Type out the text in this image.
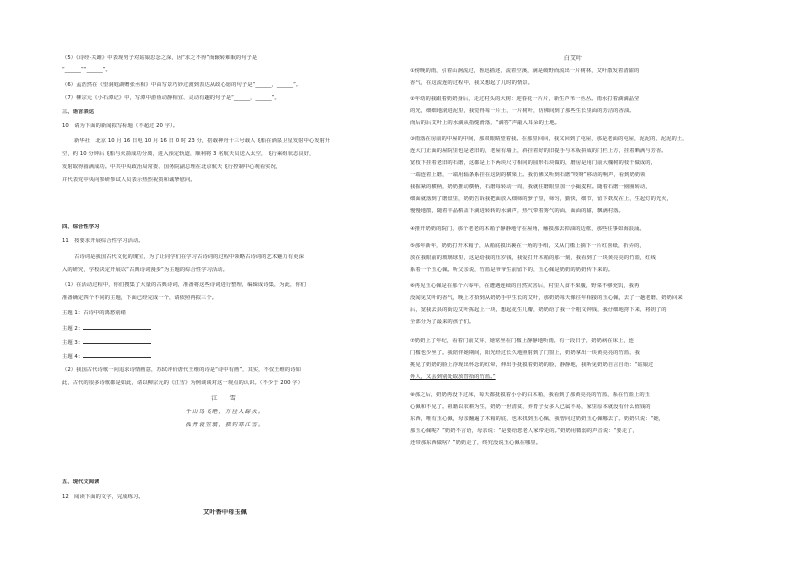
（5）《诗经·关雎》中表现男子对姑娘思念之深，因“求之不得”而辗转难眠的句子是
“______”“______”。
（6）孟浩然在《望洞庭湖赠张丞相》中由写景巧妙过渡到表达从政心愿的句子是“______，______”。
（7）柳宗元《小石潭记》中，写潭中游鱼动静相宜、灵动有趣的句子是“______，______”。
三、语言表达
10　请为下面的新闻拟写标题（不超过 20 字）。
新华社　北京 10 月 16 日电 10 月 16 日 0 时 23 分，搭载神舟十三号载人飞船在酒泉卫星发射中心发射升
空，约 10 分钟后飞船与火箭成功分离，进入预定轨道，顺利将 3 名航天员送入太空，飞行乘组状态良好，
发射取得圆满成功。中共中央政治局常委、国务院副总理在北京航天飞行控制中心观看实况，
并代表党中央向参研参试人员表示热烈祝贺和诚挚慰问。
四、综合性学习
11　按要求开展综合性学习活动。
古诗词是我国古代文化的瑰宝，为了让同学们在学习古诗词的过程中领略古诗词的艺术魅力有更深
入的研究，学校决定开展以“古典诗词漫步”为主题的综合性学习活动。
（1）在活动过程中，你们搜集了大量的古典诗词，准备将这些诗词进行整理，编辑成诗集，为此，你们
准备确定四个不同的主题，下面已经完成一个，请依照再拟三个。
主题 1：古诗中的离愁别绪
主题 2：
主题 3：
主题 4：
（2）我国古代诗歌一向追求诗情画意，苏轼评价唐代王维的诗是“诗中有画”，其实，不仅王维的诗如
此，古代的很多诗歌都是如此，请以柳宗元的《江雪》为例谈谈对这一观点的认识。（不少于 200 字）
江　雪
千山鸟飞绝，万径人踪灭。
孤舟蓑笠翁，独钓寒江雪。
五、现代文阅读
12　阅读下面的文字，完成练习。
艾叶香中母玉佩
白艾叶
①傍晚的雨，引着山涧流过，鲁迅描述，流着空溪，满是破野而流出一片树林，艾叶散发着清甜的
香气，在这流连的过程中，我又想起了儿时的情景。
②年幼的我跟着奶奶身后，走过村头的大树：迎春花一片片，新生芦苇一丛丛。雨水打着滴滴晶莹
的光，细细地滚进泥里，我觉得每一片土，一片树叶，仿佛间到了那些生长里面的芳洁的香油。
而后的后艾叶上的水滴从指缝滑落，“滴答”声敲入耳朵的土地。
③雨落在房前的中屋的中间，那双眼睛望着我。在那里回回，我又回到了屯屋，那是老面的屯屋，泥泥的，泥泥的土，
连大门正面的屋院里也是老旧的，老屋有墙上，斜挂着好的旧提手与木板拼成的门栏上方，挂着晒满与芳香。
宽枝下挂着老旧的石磨，这都是上下两块尺寸相同的圆形石块做的，磨房是用门前大槐树的枝干做成的，
一端连着上磨，一端用辐条系挂在这阴的横梁上。我仿佛又听到石磨“吱呀”移动的响声，看到奶奶领
我握紧的横柄，奶奶推动横柄，石磨每转动一周，我就往磨眼里加一小撮麦粒。随着石磨一圈圈转动，
细面就落到了磨盘里，奶奶告诉我把面放入细筛的箩子里，筛匀，勤快，细节，留下麸皮在上，生起灯的光火，
慢慢地散，随着丰晶稻盖下滴进转转的水滴声，热气带着雾气的面，面面的甜，飘满村落。
④推开奶奶的院门，那个老老的木箱子静静地守在屋角，触摸那去掉油的边框，那些往事如海浪涌。
⑤那年新年，奶奶打开木箱子，从箱底摸出裹在一角的手绢，又从门槛上摘下一片红喜纸，折弄的，
放在我眼前的玻璃球里，这是给我的压岁钱，我爱打开木箱的那一刻，我看到了一块黄亮亮的竹篮，红线
系着一个玉心佩。听父亲说，竹篮是爷爷生前留下的，玉心佩是奶奶的奶奶传下来的。
⑥再见玉心佩是在那个六零年，在遭遇连续的自然灾害后，村里人食不果腹，野菜不够充饥，我再
没闻见艾叶的香气，晚上才拾到从奶奶手中生长的艾叶，那奶奶每天像往年相接的玉心佩，去了一趟老磨，奶奶回来
后，宽我去县的街边艾叶拣起上一块，想起花生几瓣，奶奶给了我一个粗文钟钱，我仔细地捋下来，将钥了的
全部分为了最来的孩子们。
⑦奶奶上了年纪，看着门前艾芽，她常坐在门槛上静静地听雨，有一段日子，奶奶病在床上，连
门槛也少坐了。我陪伴她期间，阳光经过长久地照射到了门窗上，奶奶拿出一块黄亮亮的竹篮，我
挑见了奶奶的脸上浮现出怀念的红晕，伸出手抚摸着奶奶的脸，静静地，我听见奶奶自言自语：“姑娘过
外人，又丢到别处取放替拾的竹篮。”
⑧那之后，奶奶再没下过床，每天都抚摸着小小的白木箱，我看到了那黄亮亮的竹篮，系在竹篮上的玉
心佩和不见了。祖籍以农耕为生，奶奶一世清贫，养育子女多人已属不易，家里原本就没有什么值钱的
东西，唯有玉心佩，母亲翻遍了木箱的底，也未找到玉心佩，我曾问过奶奶玉心佩哪去了。奶奶只说：“她，
那玉心佩呢？”奶奶不言语，母亲说：“是要给您老人家带走的。”奶奶用微弱的声音说：“要走了，
还带那东西做啥？”奶奶走了，终究没说玉心佩在哪里。
